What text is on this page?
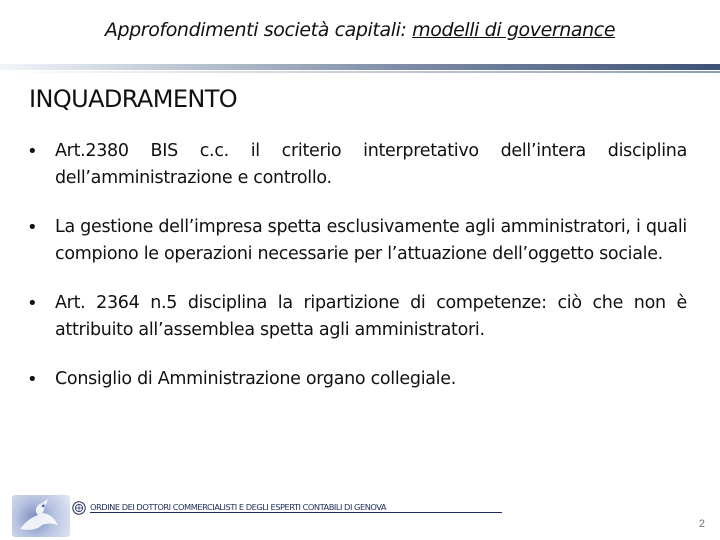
Approfondimenti società capitali: modelli di governance
INQUADRAMENTO
• Art.2380 BIS c.c. il criterio interpretativo dell’intera disciplina dell’amministrazione e controllo.
• La gestione dell’impresa spetta esclusivamente agli amministratori, i quali compiono le operazioni necessarie per l’attuazione dell’oggetto sociale.
• Art. 2364 n.5 disciplina la ripartizione di competenze: ciò che non è attribuito all’assemblea spetta agli amministratori.
• Consiglio di Amministrazione organo collegiale.
ORDINE DEI DOTTORI COMMERCIALISTI E DEGLI ESPERTI CONTABILI DI GENOVA
2
